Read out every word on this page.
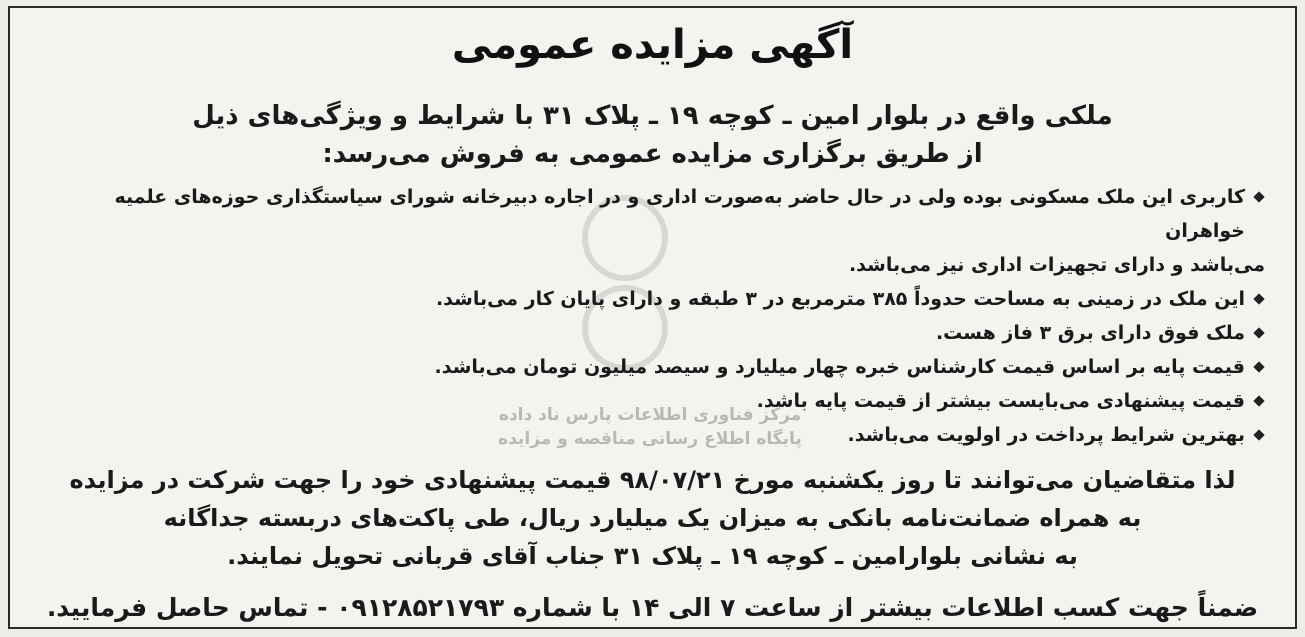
آگهی مزایده عمومی
ملکی واقع در بلوار امین ـ کوچه ۱۹ ـ پلاک ۳۱ با شرایط و ویژگی‌های ذیل
از طریق برگزاری مزایده عمومی به فروش می‌رسد:
کاربری این ملک مسکونی بوده ولی در حال حاضر به‌صورت اداری و در اجاره دبیرخانه شورای سیاستگذاری حوزه‌های علمیه خواهران
می‌باشد و دارای تجهیزات اداری نیز می‌باشد.
این ملک در زمینی به مساحت حدوداً ۳۸۵ مترمربع در ۳ طبقه و دارای پایان کار می‌باشد.
ملک فوق دارای برق ۳ فاز هست.
قیمت پایه بر اساس قیمت کارشناس خبره چهار میلیارد و سیصد میلیون تومان می‌باشد.
قیمت پیشنهادی می‌بایست بیشتر از قیمت پایه باشد.
بهترین شرایط پرداخت در اولویت می‌باشد.
مرکز فناوری اطلاعات پارس ناد داده
پایگاه اطلاع رسانی مناقصه و مزایده
لذا متقاضیان می‌توانند تا روز یکشنبه مورخ ۹۸/۰۷/۲۱ قیمت پیشنهادی خود را جهت شرکت در مزایده
به همراه ضمانت‌نامه بانکی به میزان یک میلیارد ریال، طی پاکت‌های دربسته جداگانه
به نشانی بلوارامین ـ کوچه ۱۹ ـ پلاک ۳۱ جناب آقای قربانی تحویل نمایند.
ضمناً جهت کسب اطلاعات بیشتر از ساعت ۷ الی ۱۴ با شماره ۰۹۱۲۸۵۲۱۷۹۳ - تماس حاصل فرمایید.
